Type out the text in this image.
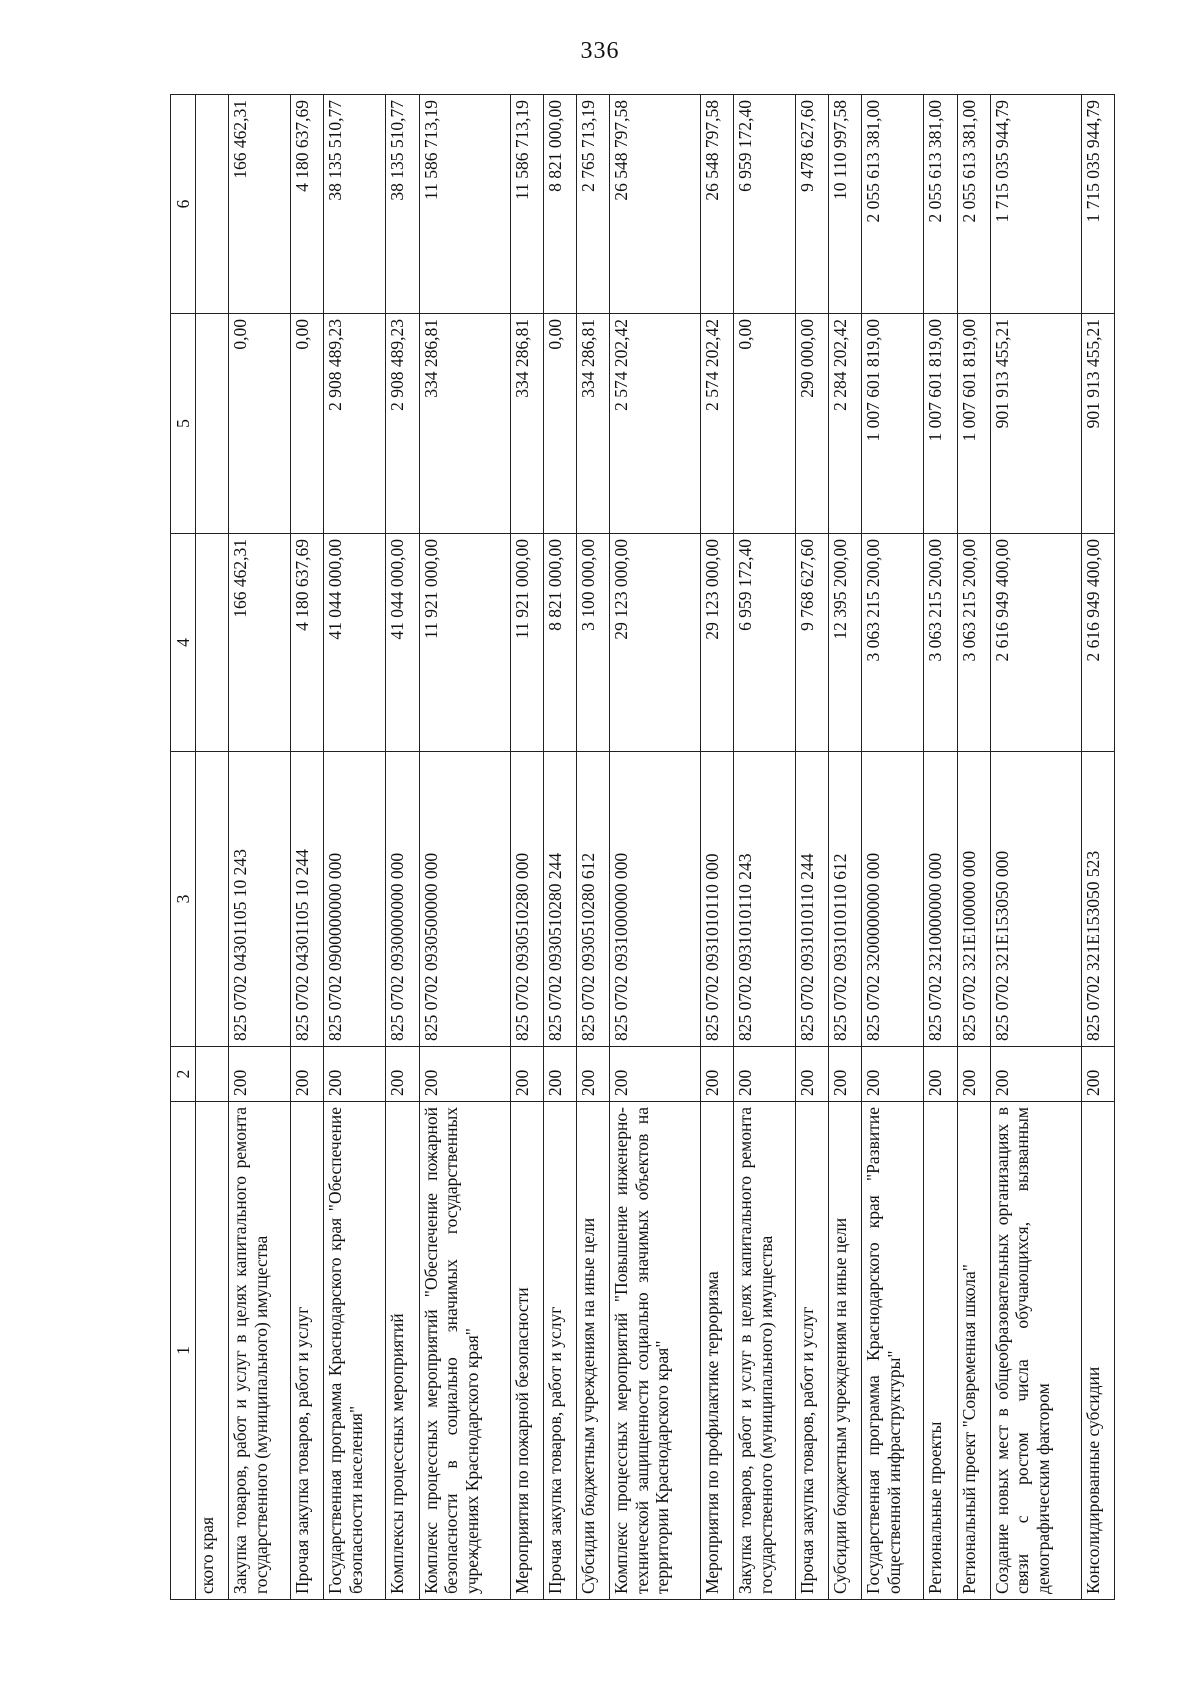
336
1	2	3	4	5	6
ского края					
Закупка товаров, работ и услуг в целях капитального ремонта государственного (муниципального) имущества	200	825 0702 04301105 10 243	166 462,31	0,00	166 462,31
Прочая закупка товаров, работ и услуг	200	825 0702 04301105 10 244	4 180 637,69	0,00	4 180 637,69
Государственная программа Краснодарского края "Обеспечение безопасности населения"	200	825 0702 0900000000 000	41 044 000,00	2 908 489,23	38 135 510,77
Комплексы процессных мероприятий	200	825 0702 0930000000 000	41 044 000,00	2 908 489,23	38 135 510,77
Комплекс процессных мероприятий "Обеспечение пожарной безопасности в социально значимых государственных учреждениях Краснодарского края"	200	825 0702 0930500000 000	11 921 000,00	334 286,81	11 586 713,19
Мероприятия по пожарной безопасности	200	825 0702 0930510280 000	11 921 000,00	334 286,81	11 586 713,19
Прочая закупка товаров, работ и услуг	200	825 0702 0930510280 244	8 821 000,00	0,00	8 821 000,00
Субсидии бюджетным учреждениям на иные цели	200	825 0702 0930510280 612	3 100 000,00	334 286,81	2 765 713,19
Комплекс процессных мероприятий "Повышение инженерно-технической защищенности социально значимых объектов на территории Краснодарского края"	200	825 0702 0931000000 000	29 123 000,00	2 574 202,42	26 548 797,58
Мероприятия по профилактике терроризма	200	825 0702 0931010110 000	29 123 000,00	2 574 202,42	26 548 797,58
Закупка товаров, работ и услуг в целях капитального ремонта государственного (муниципального) имущества	200	825 0702 0931010110 243	6 959 172,40	0,00	6 959 172,40
Прочая закупка товаров, работ и услуг	200	825 0702 0931010110 244	9 768 627,60	290 000,00	9 478 627,60
Субсидии бюджетным учреждениям на иные цели	200	825 0702 0931010110 612	12 395 200,00	2 284 202,42	10 110 997,58
Государственная программа Краснодарского края "Развитие общественной инфраструктуры"	200	825 0702 3200000000 000	3 063 215 200,00	1 007 601 819,00	2 055 613 381,00
Региональные проекты	200	825 0702 3210000000 000	3 063 215 200,00	1 007 601 819,00	2 055 613 381,00
Региональный проект "Современная школа"	200	825 0702 321E100000 000	3 063 215 200,00	1 007 601 819,00	2 055 613 381,00
Создание новых мест в общеобразовательных организациях в связи с ростом числа обучающихся, вызванным демографическим фактором	200	825 0702 321E153050 000	2 616 949 400,00	901 913 455,21	1 715 035 944,79
Консолидированные субсидии	200	825 0702 321E153050 523	2 616 949 400,00	901 913 455,21	1 715 035 944,79
